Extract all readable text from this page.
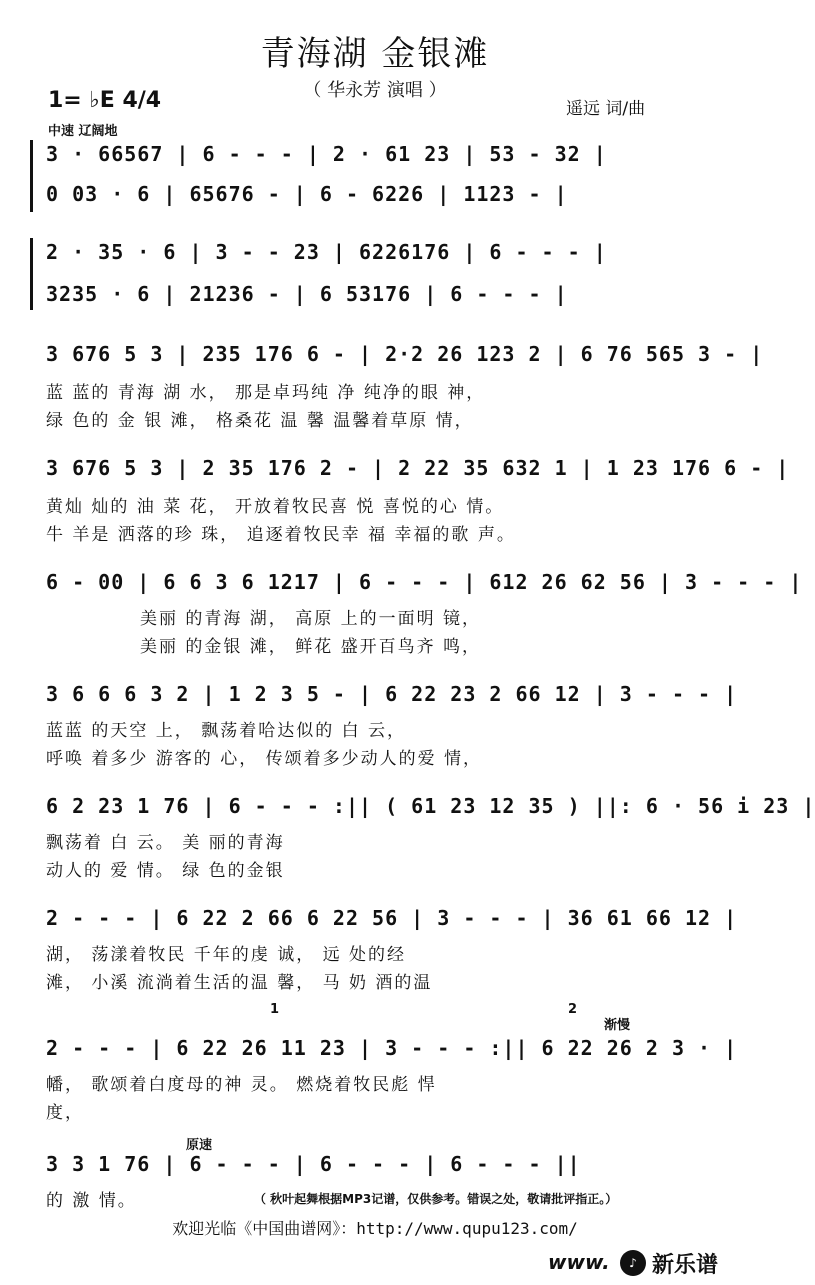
青海湖 金银滩
（ 华永芳 演唱 ）
遥远 词/曲
1= ♭E 4/4
中速 辽阔地
3 · 66567 | 6 - - - | 2 · 61 23 | 53 - 32 |
0 03 · 6 | 65676 - | 6 - 6226 | 1123 - |
2 · 35 · 6 | 3 - - 23 | 6226176 | 6 - - - |
3235 · 6 | 21236 - | 6 53176 | 6 - - - |
3 676 5 3 | 235 176 6 - | 2·2 26 123 2 | 6 76 565 3 - |
蓝 蓝的 青海 湖 水， 那是卓玛纯 净 纯净的眼 神，
绿 色的 金 银 滩， 格桑花 温 馨 温馨着草原 情，
3 676 5 3 | 2 35 176 2 - | 2 22 35 632 1 | 1 23 176 6 - |
黄灿 灿的 油 菜 花， 开放着牧民喜 悦 喜悦的心 情。
牛 羊是 洒落的珍 珠， 追逐着牧民幸 福 幸福的歌 声。
6 - 00 | 6 6 3 6 1217 | 6 - - - | 612 26 62 56 | 3 - - - |
美丽 的青海 湖， 高原 上的一面明 镜，
美丽 的金银 滩， 鲜花 盛开百鸟齐 鸣，
3 6 6 6 3 2 | 1 2 3 5 - | 6 22 23 2 66 12 | 3 - - - |
蓝蓝 的天空 上， 飘荡着哈达似的 白 云，
呼唤 着多少 游客的 心， 传颂着多少动人的爱 情，
6 2 23 1 76 | 6 - - - :|| ( 61 23 12 35 ) ||: 6 · 56 i 23 |
飘荡着 白 云。 美 丽的青海
动人的 爱 情。 绿 色的金银
2 - - - | 6 22 2 66 6 22 56 | 3 - - - | 36 61 66 12 |
湖， 荡漾着牧民 千年的虔 诚， 远 处的经
滩， 小溪 流淌着生活的温 馨， 马 奶 酒的温
1	2
渐慢
2 - - - | 6 22 26 11 23 | 3 - - - :|| 6 22 26 2 3 · |
幡， 歌颂着白度母的神 灵。 燃烧着牧民彪 悍
度，
原速
3 3 1 76 | 6 - - - | 6 - - - | 6 - - - ||
的 激 情。	（ 秋叶起舞根据MP3记谱，仅供参考。错误之处，敬请批评指正。）
欢迎光临《中国曲谱网》：http://www.qupu123.com/
www.	♪ 新乐谱
